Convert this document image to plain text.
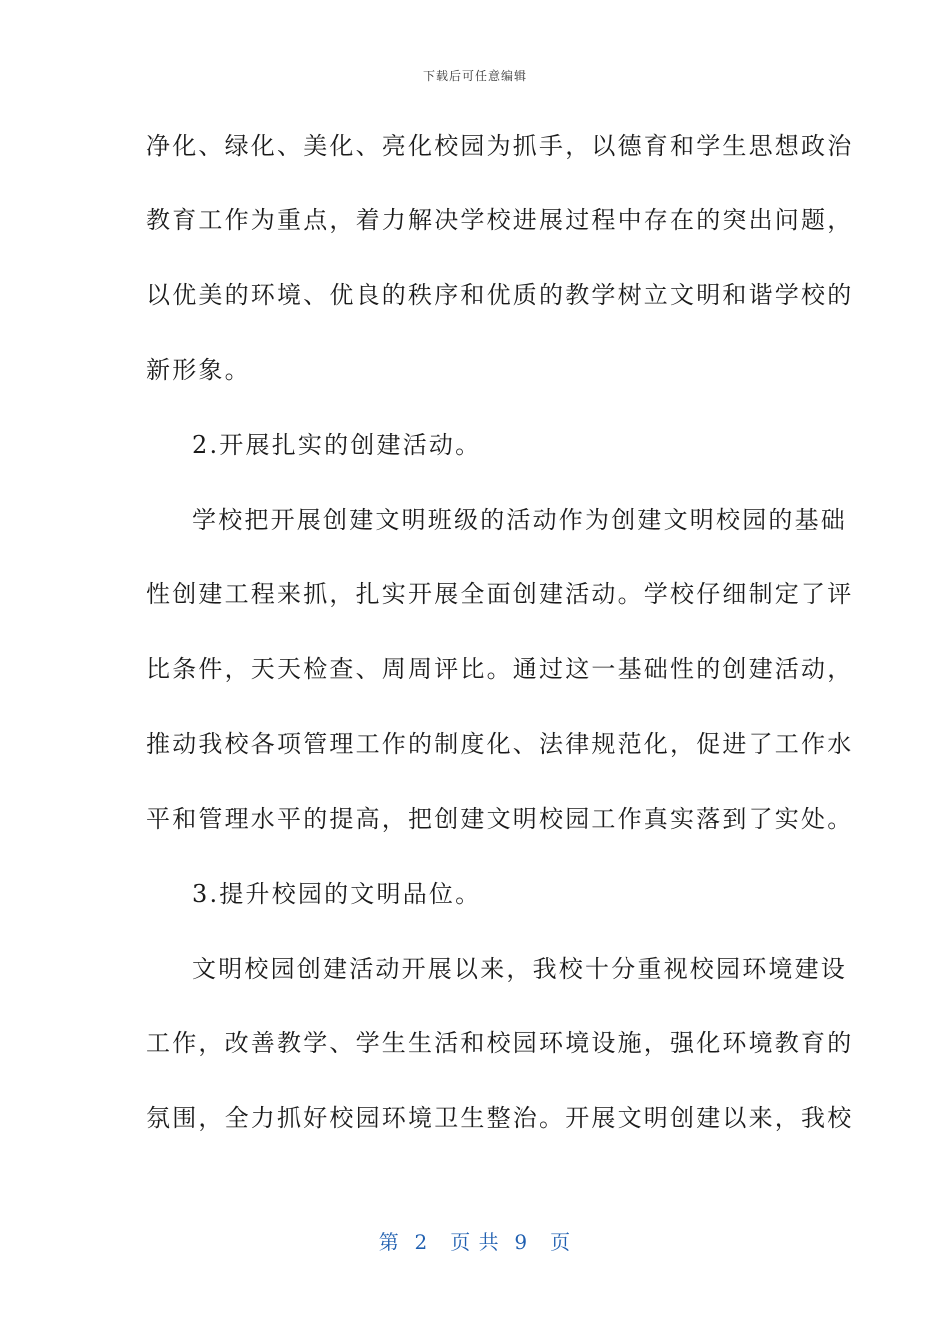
下载后可任意编辑
净化、绿化、美化、亮化校园为抓手，以德育和学生思想政治
教育工作为重点，着力解决学校进展过程中存在的突出问题，
以优美的环境、优良的秩序和优质的教学树立文明和谐学校的
新形象。
2.开展扎实的创建活动。
学校把开展创建文明班级的活动作为创建文明校园的基础
性创建工程来抓，扎实开展全面创建活动。学校仔细制定了评
比条件，天天检查、周周评比。通过这一基础性的创建活动，
推动我校各项管理工作的制度化、法律规范化，促进了工作水
平和管理水平的提高，把创建文明校园工作真实落到了实处。
3.提升校园的文明品位。
文明校园创建活动开展以来，我校十分重视校园环境建设
工作，改善教学、学生生活和校园环境设施，强化环境教育的
氛围，全力抓好校园环境卫生整治。开展文明创建以来，我校
第  2   页 共  9   页
